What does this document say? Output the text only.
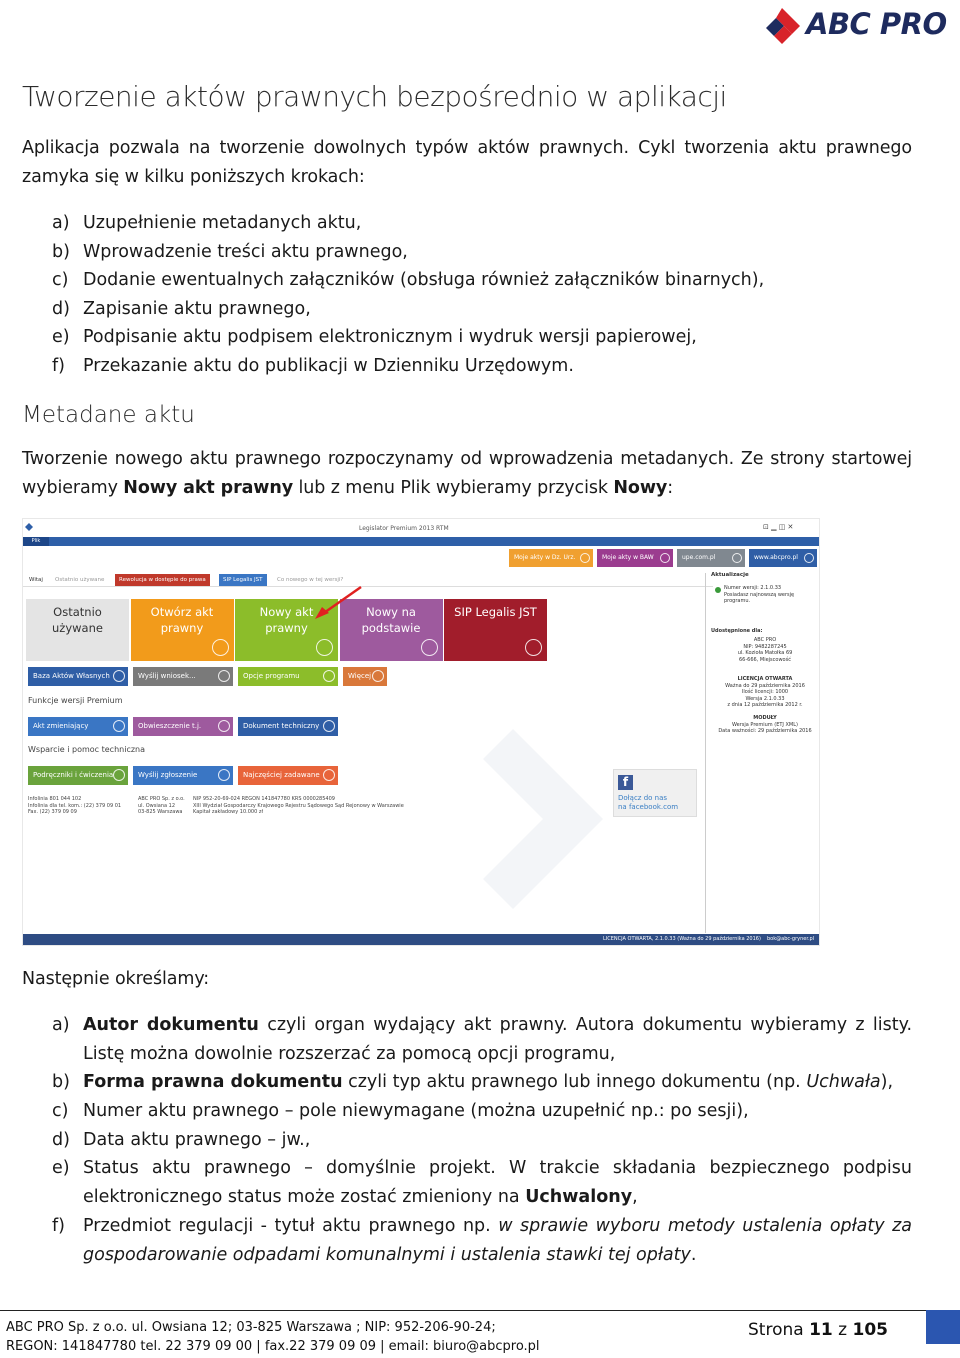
ABC PRO
Tworzenie aktów prawnych bezpośrednio w aplikacji

Aplikacja pozwala na tworzenie dowolnych typów aktów prawnych. Cykl tworzenia aktu prawnego zamyka się w kilku poniższych krokach:

a) Uzupełnienie metadanych aktu,
b) Wprowadzenie treści aktu prawnego,
c) Dodanie ewentualnych załączników (obsługa również załączników binarnych),
d) Zapisanie aktu prawnego,
e) Podpisanie aktu podpisem elektronicznym i wydruk wersji papierowej,
f) Przekazanie aktu do publikacji w Dzienniku Urzędowym.
Metadane aktu

Tworzenie nowego aktu prawnego rozpoczynamy od wprowadzenia metadanych. Ze strony startowej wybieramy Nowy akt prawny lub z menu Plik wybieramy przycisk Nowy:

Legislator Premium 2013 RTM	⊡ ▁ ◫ ✕
Plik
Moje akty w Dz. Urz.	Moje akty w BAW	upe.com.pl	www.abcpro.pl
Witaj	Ostatnio używane	Rewolucja w dostępie do prawa	SIP Legalis JST	Co nowego w tej wersji?
Ostatnio
używane
Otwórz akt
prawny
Nowy akt
prawny
Nowy na
podstawie
SIP Legalis JST
Baza Aktów Własnych	Wyślij wniosek...	Opcje programu	Więcej
Funkcje wersji Premium
Akt zmieniający	Obwieszczenie t.j.	Dokument techniczny
Wsparcie i pomoc techniczna
Podręczniki i ćwiczenia	Wyślij zgłoszenie	Najczęściej zadawane pytania
Infolinia 801 044 102
Infolinia dla tel. kom.: (22) 379 09 01
Fax. (22) 379 09 09
ABC PRO Sp. z o.o.
ul. Owsiana 12
03-825 Warszawa
NIP 952-20-69-024 REGON 141847780 KRS 0000285409
XIII Wydział Gospodarczy Krajowego Rejestru Sądowego Sąd Rejonowy w Warszawie
Kapitał zakładowy 10.000 zł
f
Dołącz do nas
na facebook.com
Aktualizacje
Numer wersji: 2.1.0.33
Posiadasz najnowszą wersję programu.
Udostępnione dla:
ABC PRO
NIP: 9482287245
ul. Kozioła Matołka 69
66-666, Miejscowość
LICENCJA OTWARTA
Ważna do 29 października 2016
Ilość licencji: 1000
Wersja 2.1.0.33
z dnia 12 października 2012 r.
MODUŁY
Wersja Premium (ETJ XML)
Data ważności: 29 października 2016
LICENCJA OTWARTA, 2.1.0.33 (Ważna do 29 października 2016) bok@abc-gryner.pl

Następnie określamy:

a) Autor dokumentu czyli organ wydający akt prawny. Autora dokumentu wybieramy z listy. Listę można dowolnie rozszerzać za pomocą opcji programu,
b) Forma prawna dokumentu czyli typ aktu prawnego lub innego dokumentu (np. Uchwała),
c) Numer aktu prawnego – pole niewymagane (można uzupełnić np.: po sesji),
d) Data aktu prawnego – jw.,
e) Status aktu prawnego – domyślnie projekt. W trakcie składania bezpiecznego podpisu elektronicznego status może zostać zmieniony na Uchwalony,
f) Przedmiot regulacji - tytuł aktu prawnego np. w sprawie wyboru metody ustalenia opłaty za gospodarowanie odpadami komunalnymi i ustalenia stawki tej opłaty.
ABC PRO Sp. z o.o. ul. Owsiana 12; 03-825 Warszawa ; NIP: 952-206-90-24;
REGON: 141847780 tel. 22 379 09 00 | fax.22 379 09 09 | email: biuro@abcpro.pl
Strona 11 z 105
